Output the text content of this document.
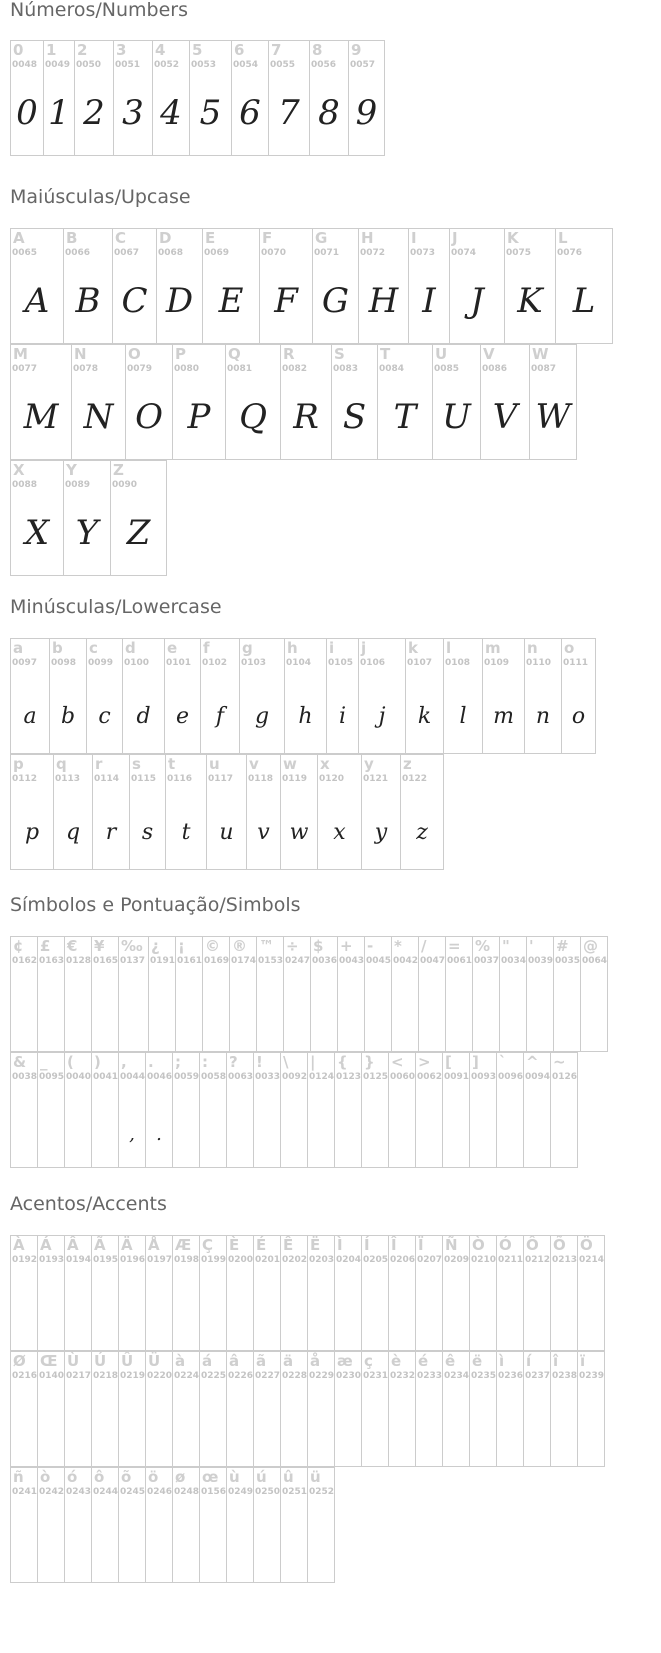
Números/Numbers
0
0048
0
1
0049
1
2
0050
2
3
0051
3
4
0052
4
5
0053
5
6
0054
6
7
0055
7
8
0056
8
9
0057
9
Maiúsculas/Upcase
A
0065
A
B
0066
B
C
0067
C
D
0068
D
E
0069
E
F
0070
F
G
0071
G
H
0072
H
I
0073
I
J
0074
J
K
0075
K
L
0076
L
M
0077
M
N
0078
N
O
0079
O
P
0080
P
Q
0081
Q
R
0082
R
S
0083
S
T
0084
T
U
0085
U
V
0086
V
W
0087
W
X
0088
X
Y
0089
Y
Z
0090
Z
Minúsculas/Lowercase
a
0097
a
b
0098
b
c
0099
c
d
0100
d
e
0101
e
f
0102
f
g
0103
g
h
0104
h
i
0105
i
j
0106
j
k
0107
k
l
0108
l
m
0109
m
n
0110
n
o
0111
o
p
0112
p
q
0113
q
r
0114
r
s
0115
s
t
0116
t
u
0117
u
v
0118
v
w
0119
w
x
0120
x
y
0121
y
z
0122
z
Símbolos e Pontuação/Simbols
¢
0162
£
0163
€
0128
¥
0165
‰
0137
¿
0191
¡
0161
©
0169
®
0174
™
0153
÷
0247
$
0036
+
0043
-
0045
*
0042
/
0047
=
0061
%
0037
"
0034
'
0039
#
0035
@
0064
&
0038
_
0095
(
0040
)
0041
,
0044
,
.
0046
.
;
0059
:
0058
?
0063
!
0033
\
0092
|
0124
{
0123
}
0125
<
0060
>
0062
[
0091
]
0093
`
0096
^
0094
~
0126
Acentos/Accents
À
0192
Á
0193
Â
0194
Ã
0195
Ä
0196
Å
0197
Æ
0198
Ç
0199
È
0200
É
0201
Ê
0202
Ë
0203
Ì
0204
Í
0205
Î
0206
Ï
0207
Ñ
0209
Ò
0210
Ó
0211
Ô
0212
Õ
0213
Ö
0214
Ø
0216
Œ
0140
Ù
0217
Ú
0218
Û
0219
Ü
0220
à
0224
á
0225
â
0226
ã
0227
ä
0228
å
0229
æ
0230
ç
0231
è
0232
é
0233
ê
0234
ë
0235
ì
0236
í
0237
î
0238
ï
0239
ñ
0241
ò
0242
ó
0243
ô
0244
õ
0245
ö
0246
ø
0248
œ
0156
ù
0249
ú
0250
û
0251
ü
0252
